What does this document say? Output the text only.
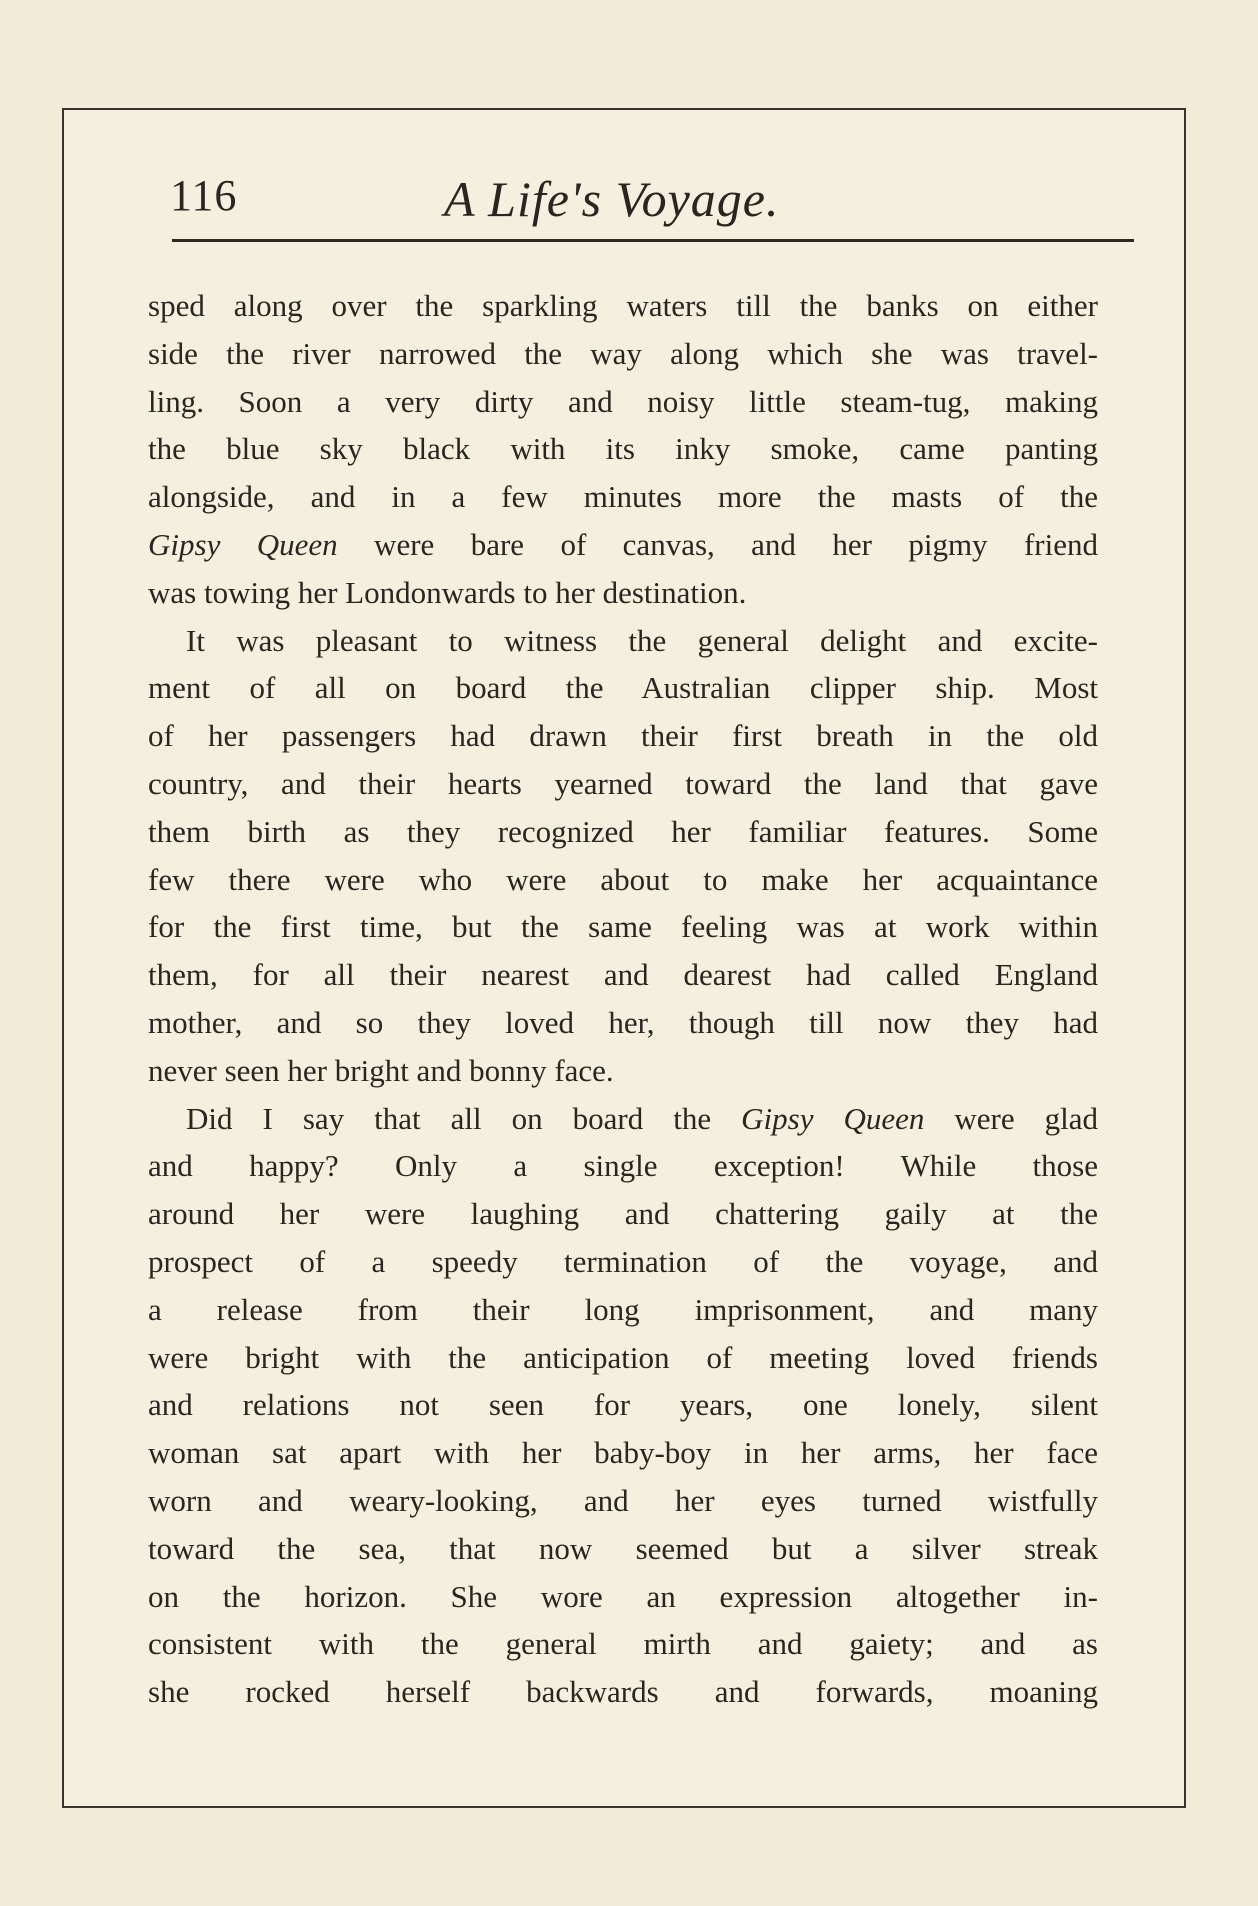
116	A Life's Voyage.
sped along over the sparkling waters till the banks on either
side the river narrowed the way along which she was travel-
ling. Soon a very dirty and noisy little steam-tug, making
the blue sky black with its inky smoke, came panting
alongside, and in a few minutes more the masts of the
Gipsy Queen were bare of canvas, and her pigmy friend
was towing her Londonwards to her destination.
It was pleasant to witness the general delight and excite-
ment of all on board the Australian clipper ship. Most
of her passengers had drawn their first breath in the old
country, and their hearts yearned toward the land that gave
them birth as they recognized her familiar features. Some
few there were who were about to make her acquaintance
for the first time, but the same feeling was at work within
them, for all their nearest and dearest had called England
mother, and so they loved her, though till now they had
never seen her bright and bonny face.
Did I say that all on board the Gipsy Queen were glad
and happy? Only a single exception! While those
around her were laughing and chattering gaily at the
prospect of a speedy termination of the voyage, and
a release from their long imprisonment, and many
were bright with the anticipation of meeting loved friends
and relations not seen for years, one lonely, silent
woman sat apart with her baby-boy in her arms, her face
worn and weary-looking, and her eyes turned wistfully
toward the sea, that now seemed but a silver streak
on the horizon. She wore an expression altogether in-
consistent with the general mirth and gaiety; and as
she rocked herself backwards and forwards, moaning
